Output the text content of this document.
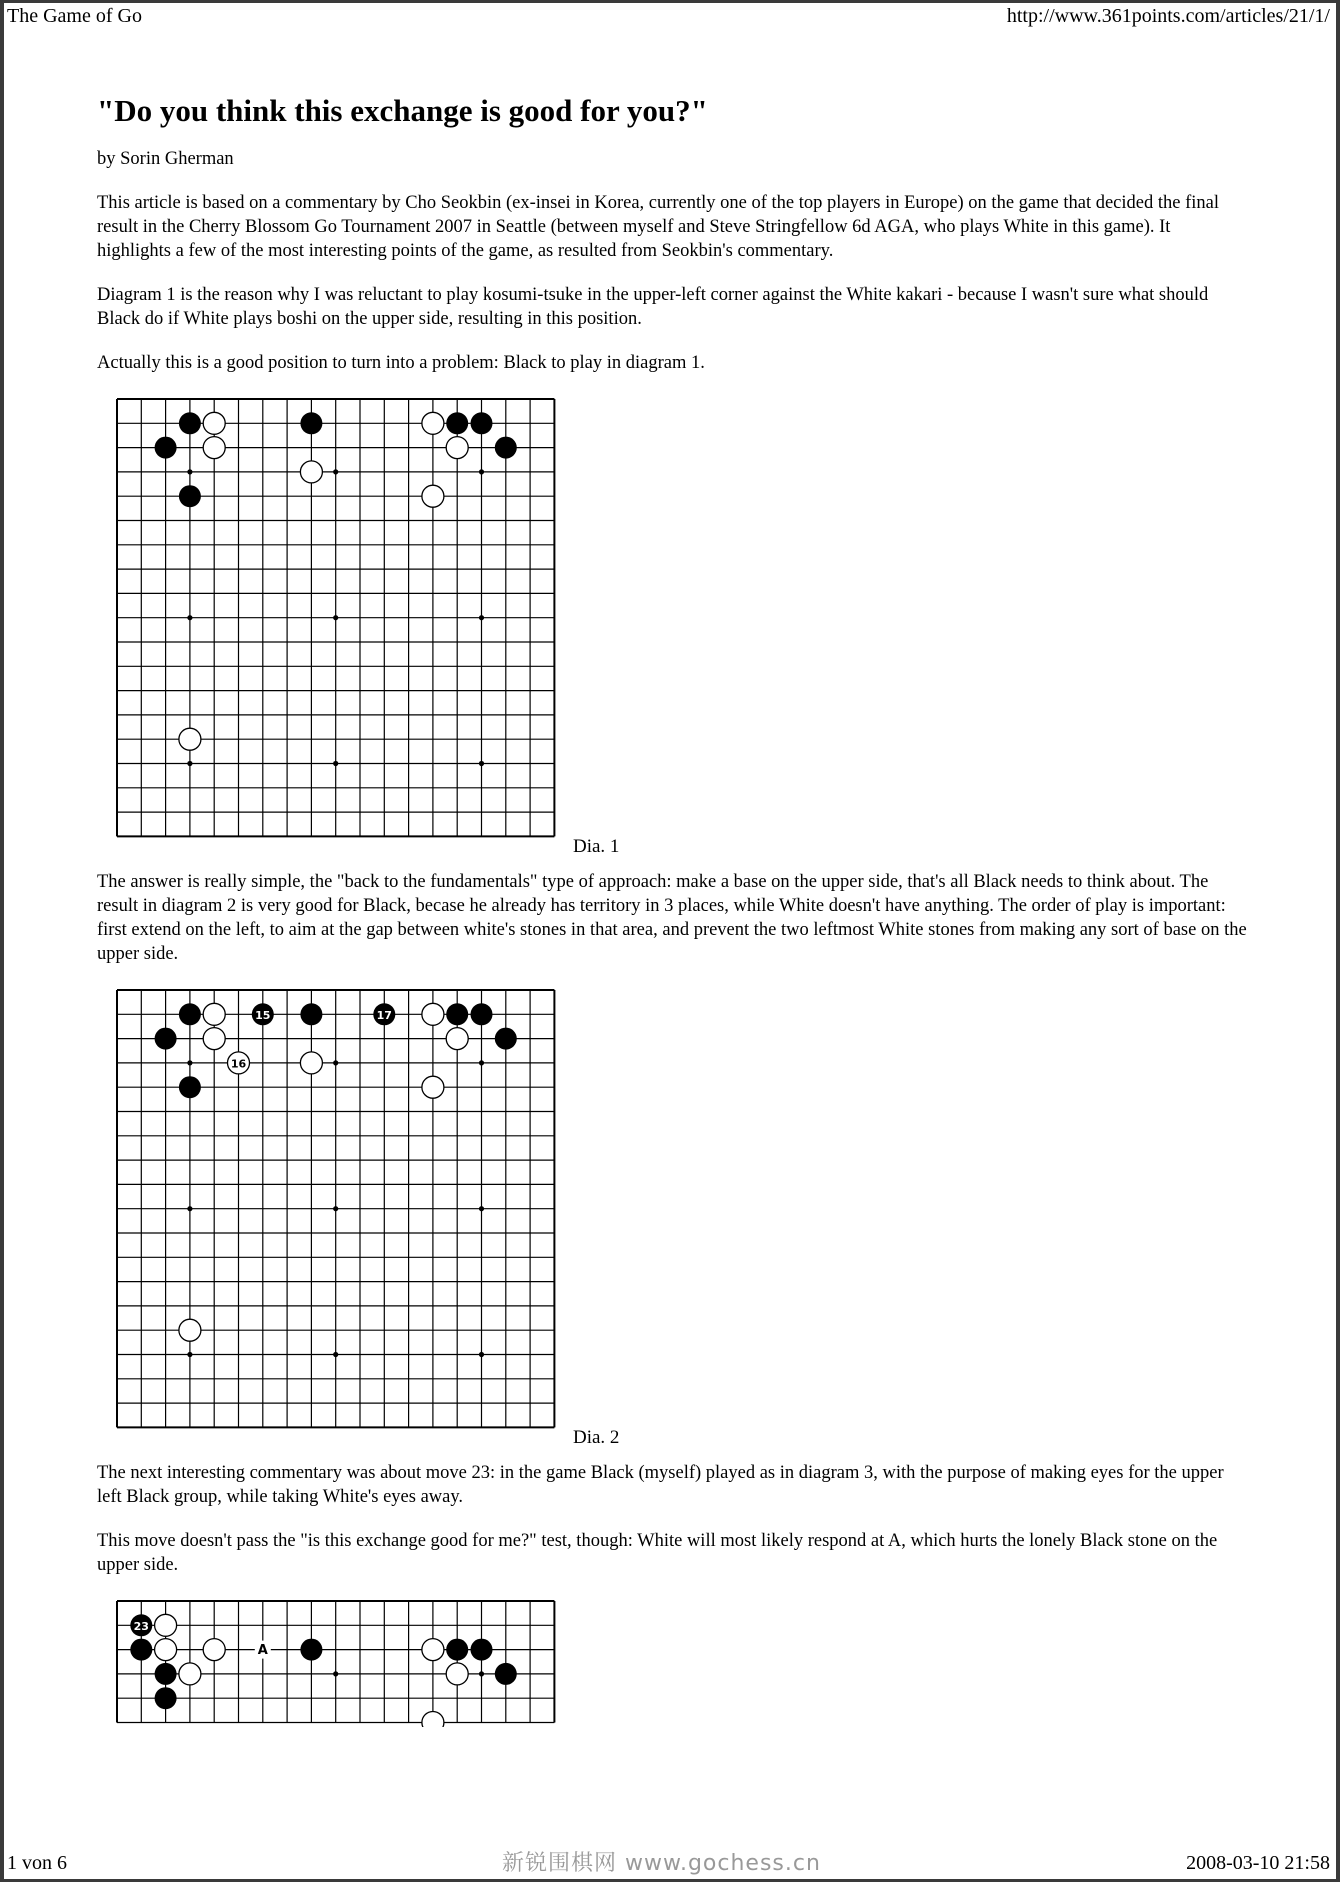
The Game of Go	http://www.361points.com/articles/21/1/
"Do you think this exchange is good for you?"

by Sorin Gherman

This article is based on a commentary by Cho Seokbin (ex-insei in Korea, currently one of the top players in Europe) on the game that decided the final result in the Cherry Blossom Go Tournament 2007 in Seattle (between myself and Steve Stringfellow 6d AGA, who plays White in this game). It highlights a few of the most interesting points of the game, as resulted from Seokbin's commentary.

Diagram 1 is the reason why I was reluctant to play kosumi-tsuke in the upper-left corner against the White kakari - because I wasn't sure what should Black do if White plays boshi on the upper side, resulting in this position.

Actually this is a good position to turn into a problem: Black to play in diagram 1.

Dia. 1

The answer is really simple, the "back to the fundamentals" type of approach: make a base on the upper side, that's all Black needs to think about. The result in diagram 2 is very good for Black, becase he already has territory in 3 places, while White doesn't have anything. The order of play is important: first extend on the left, to aim at the gap between white's stones in that area, and prevent the two leftmost White stones from making any sort of base on the upper side.

15	17
16
Dia. 2

The next interesting commentary was about move 23: in the game Black (myself) played as in diagram 3, with the purpose of making eyes for the upper left Black group, while taking White's eyes away.

This move doesn't pass the "is this exchange good for me?" test, though: White will most likely respond at A, which hurts the lonely Black stone on the upper side.

23
A
1 von 6	新锐围棋网 www.gochess.cn	2008-03-10 21:58
